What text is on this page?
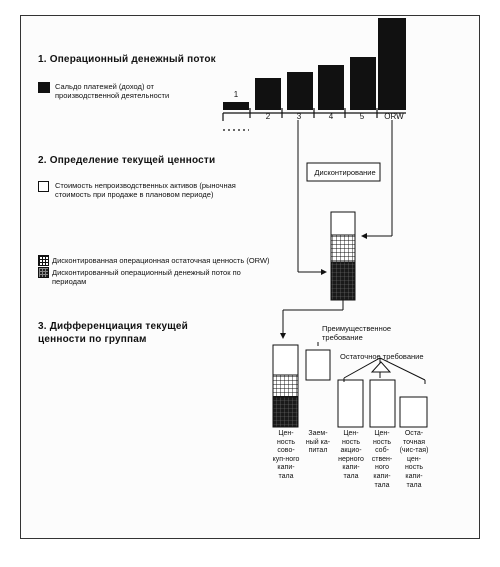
1. Операционный денежный поток
Сальдо платежей (доход) от производственной деятельности
2. Определение текущей ценности
Стоимость непроизводственных активов (рыночная стоимость при продаже в плановом периоде)
Дисконтированная операционная остаточная ценность (ORW)
Дисконтированный операционный денежный поток по периодам
3. Дифференциация текущей ценности по группам
1
2	3	4	5	ORW
Дисконтирование
Преимущественное требование
Остаточное требование
Цен-ность сово-куп-ного капи-тала
Заем-ный ка-питал
Цен-ность акцио-нерного капи-тала
Цен-ность соб-ствен-ного капи-тала
Оста-точная (чис-тая) цен-ность капи-тала
